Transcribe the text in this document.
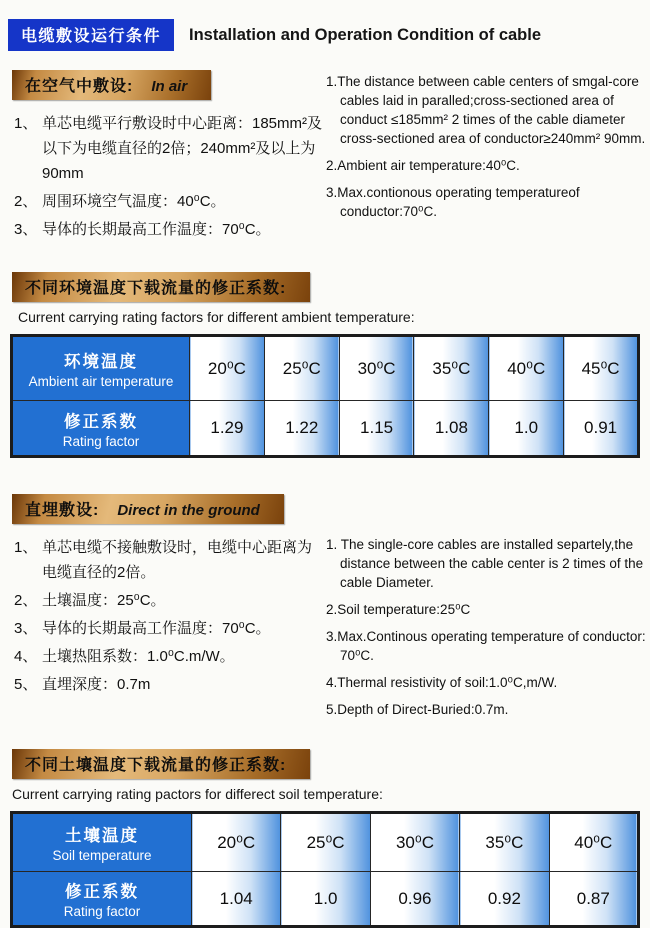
电缆敷设运行条件	Installation and Operation Condition of cable
在空气中敷设: In air
1、 单芯电缆平行敷设时中心距离：185mm²及以下为电缆直径的2倍；240mm²及以上为90mm
2、 周围环境空气温度：40⁰C。
3、 导体的长期最高工作温度：70⁰C。
1.The distance between cable centers of smgal-core cables laid in paralled;cross-sectioned area of conduct ≤185mm² 2 times of the cable diameter cross-sectioned area of conductor≥240mm² 90mm.
2.Ambient air temperature:40⁰C.
3.Max.contionous operating temperatureof conductor:70⁰C.
不同环境温度下载流量的修正系数:
Current carrying rating factors for different ambient temperature:
环境温度
Ambient air temperature	20⁰C	25⁰C	30⁰C	35⁰C	40⁰C	45⁰C

修正系数
Rating factor	1.29	1.22	1.15	1.08	1.0	0.91
直埋敷设: Direct in the ground
1、 单芯电缆不接触敷设时，电缆中心距离为电缆直径的2倍。
2、 土壤温度：25⁰C。
3、 导体的长期最高工作温度：70⁰C。
4、 土壤热阻系数：1.0⁰C.m/W。
5、 直埋深度：0.7m
1. The single-core cables are installed separtely,the distance between the cable center is 2 times of the cable Diameter.
2.Soil temperature:25⁰C
3.Max.Continous operating temperature of conductor: 70⁰C.
4.Thermal resistivity of soil:1.0⁰C,m/W.
5.Depth of Direct-Buried:0.7m.
不同土壤温度下载流量的修正系数:
Current carrying rating pactors for differect soil temperature:
土壤温度
Soil temperature	20⁰C	25⁰C	30⁰C	35⁰C	40⁰C

修正系数
Rating factor	1.04	1.0	0.96	0.92	0.87
